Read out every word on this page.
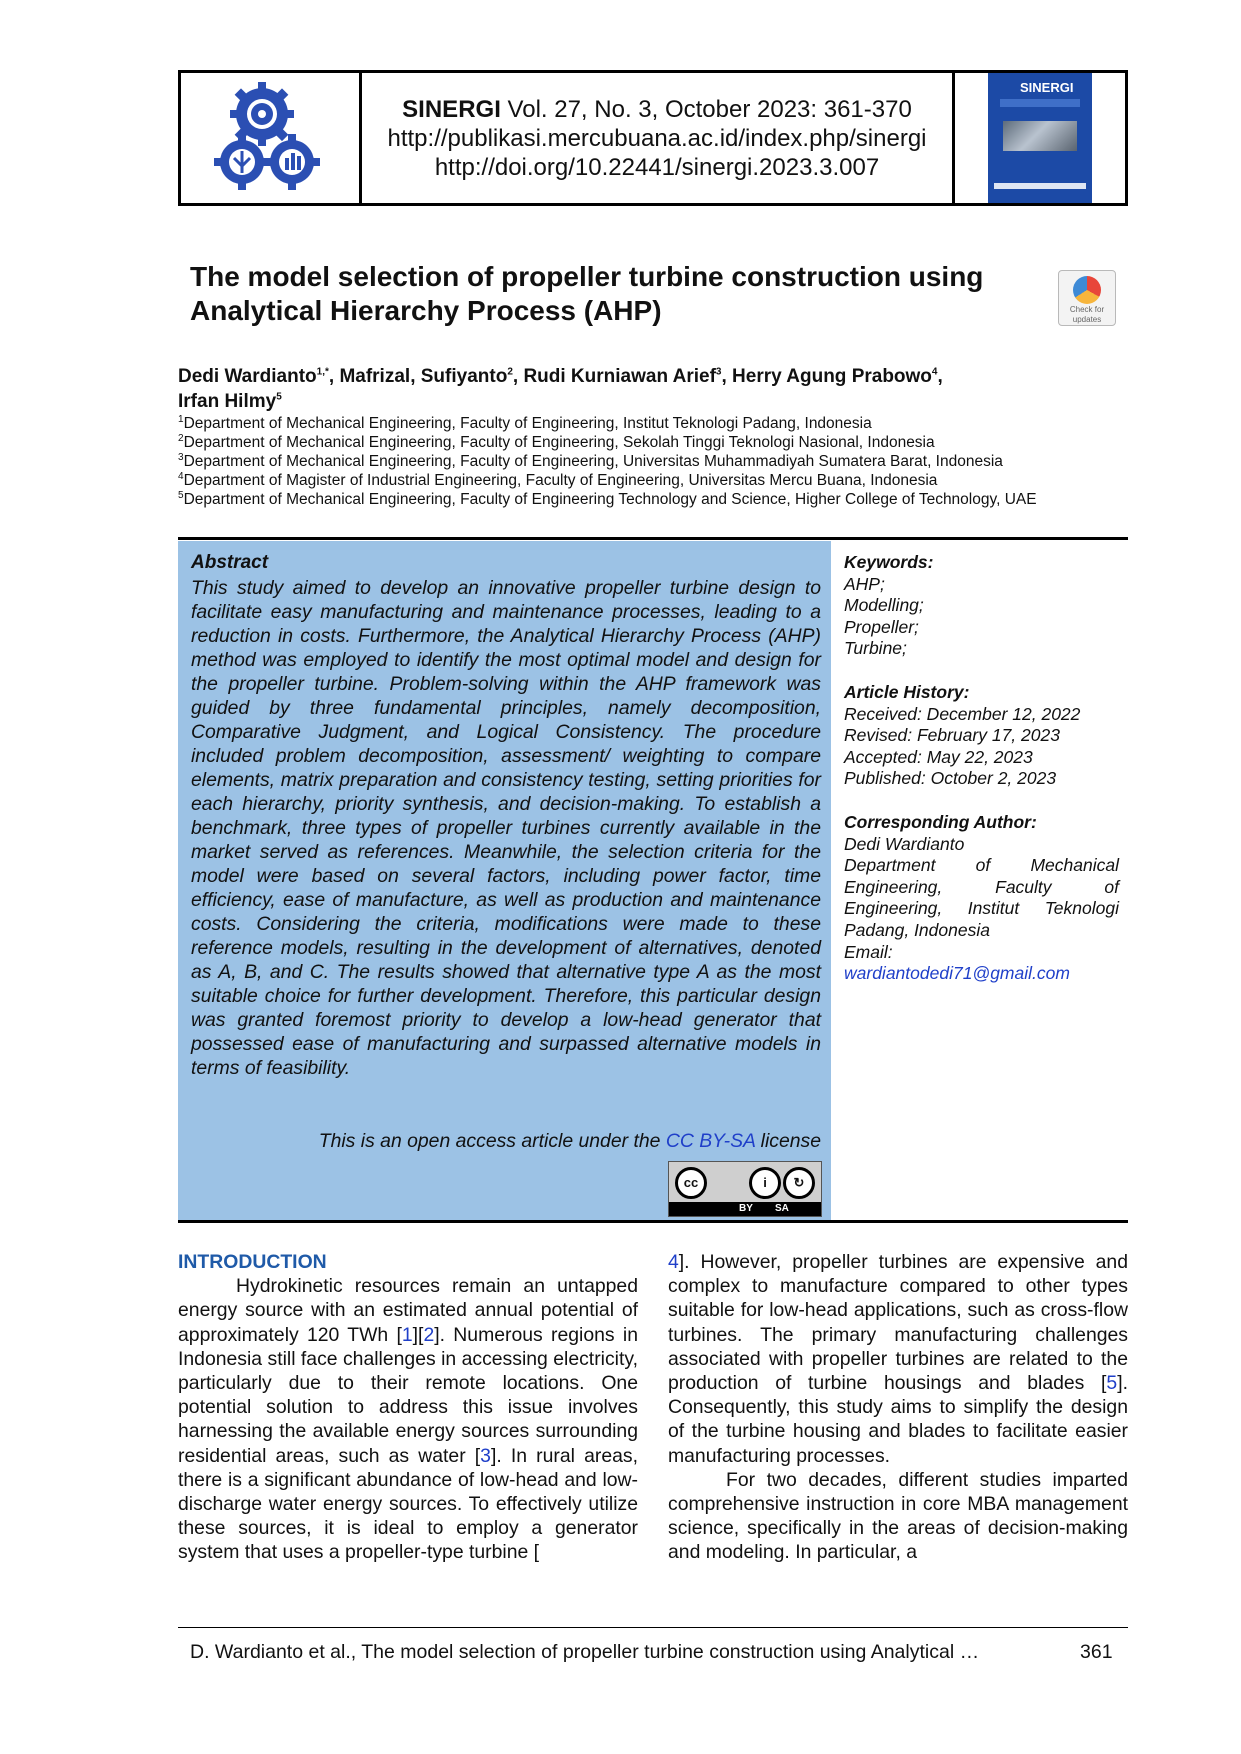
SINERGI Vol. 27, No. 3, October 2023: 361-370
http://publikasi.mercubuana.ac.id/index.php/sinergi
http://doi.org/10.22441/sinergi.2023.3.007
SINERGI
The model selection of propeller turbine construction using Analytical Hierarchy Process (AHP)	Check for
updates

Dedi Wardianto$^{1,*}$, Mafrizal, Sufiyanto$^2$, Rudi Kurniawan Arief$^3$, Herry Agung Prabowo$^4$,
Irfan Hilmy$^5$

$^1$Department of Mechanical Engineering, Faculty of Engineering, Institut Teknologi Padang, Indonesia
$^2$Department of Mechanical Engineering, Faculty of Engineering, Sekolah Tinggi Teknologi Nasional, Indonesia
$^3$Department of Mechanical Engineering, Faculty of Engineering, Universitas Muhammadiyah Sumatera Barat, Indonesia
$^4$Department of Magister of Industrial Engineering, Faculty of Engineering, Universitas Mercu Buana, Indonesia
$^5$Department of Mechanical Engineering, Faculty of Engineering Technology and Science, Higher College of Technology, UAE
Abstract

This study aimed to develop an innovative propeller turbine design to facilitate easy manufacturing and maintenance processes, leading to a reduction in costs. Furthermore, the Analytical Hierarchy Process (AHP) method was employed to identify the most optimal model and design for the propeller turbine. Problem-solving within the AHP framework was guided by three fundamental principles, namely decomposition, Comparative Judgment, and Logical Consistency. The procedure included problem decomposition, assessment/ weighting to compare elements, matrix preparation and consistency testing, setting priorities for each hierarchy, priority synthesis, and decision-making. To establish a benchmark, three types of propeller turbines currently available in the market served as references. Meanwhile, the selection criteria for the model were based on several factors, including power factor, time efficiency, ease of manufacture, as well as production and maintenance costs. Considering the criteria, modifications were made to these reference models, resulting in the development of alternatives, denoted as A, B, and C. The results showed that alternative type A as the most suitable choice for further development. Therefore, this particular design was granted foremost priority to develop a low-head generator that possessed ease of manufacturing and surpassed alternative models in terms of feasibility.

This is an open access article under the CC BY-SA license
cc	i	↻
BY SA
Keywords:
AHP;
Modelling;
Propeller;
Turbine;
Article History:
Received: December 12, 2022
Revised: February 17, 2023
Accepted: May 22, 2023
Published: October 2, 2023
Corresponding Author:
Dedi Wardianto
Department of Mechanical
Engineering, Faculty of
Engineering, Institut Teknologi
Padang, Indonesia
Email:
wardiantodedi71@gmail.com
INTRODUCTION

Hydrokinetic resources remain an untapped energy source with an estimated annual potential of approximately 120 TWh [1][2]. Numerous regions in Indonesia still face challenges in accessing electricity, particularly due to their remote locations. One potential solution to address this issue involves harnessing the available energy sources surrounding residential areas, such as water [3]. In rural areas, there is a significant abundance of low-head and low-discharge water energy sources. To effectively utilize these sources, it is ideal to employ a generator system that uses a propeller-type turbine [

4]. However, propeller turbines are expensive and complex to manufacture compared to other types suitable for low-head applications, such as cross-flow turbines. The primary manufacturing challenges associated with propeller turbines are related to the production of turbine housings and blades [5]. Consequently, this study aims to simplify the design of the turbine housing and blades to facilitate easier manufacturing processes.

For two decades, different studies imparted comprehensive instruction in core MBA management science, specifically in the areas of decision-making and modeling. In particular, a

D. Wardianto et al., The model selection of propeller turbine construction using Analytical …	361
